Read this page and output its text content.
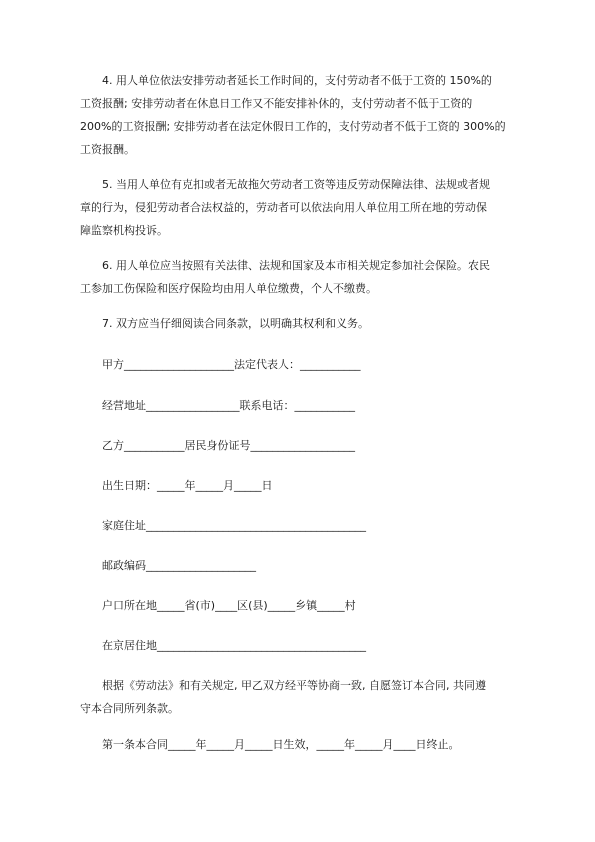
4. 用人单位依法安排劳动者延长工作时间的，支付劳动者不低于工资的 150%的
工资报酬; 安排劳动者在休息日工作又不能安排补休的，支付劳动者不低于工资的
200%的工资报酬; 安排劳动者在法定休假日工作的，支付劳动者不低于工资的 300%的
工资报酬。
5. 当用人单位有克扣或者无故拖欠劳动者工资等违反劳动保障法律、法规或者规
章的行为，侵犯劳动者合法权益的，劳动者可以依法向用人单位用工所在地的劳动保
障监察机构投诉。
6. 用人单位应当按照有关法律、法规和国家及本市相关规定参加社会保险。农民
工参加工伤保险和医疗保险均由用人单位缴费，个人不缴费。
7. 双方应当仔细阅读合同条款，以明确其权利和义务。
甲方____________________法定代表人：___________
经营地址_________________联系电话：___________
乙方___________居民身份证号___________________
出生日期：_____年_____月_____日
家庭住址________________________________________
邮政编码____________________
户口所在地_____省(市)____区(县)_____乡镇_____村
在京居住地______________________________________
根据《劳动法》和有关规定, 甲乙双方经平等协商一致, 自愿签订本合同, 共同遵
守本合同所列条款。
第一条本合同_____年_____月_____日生效，_____年_____月____日终止。
